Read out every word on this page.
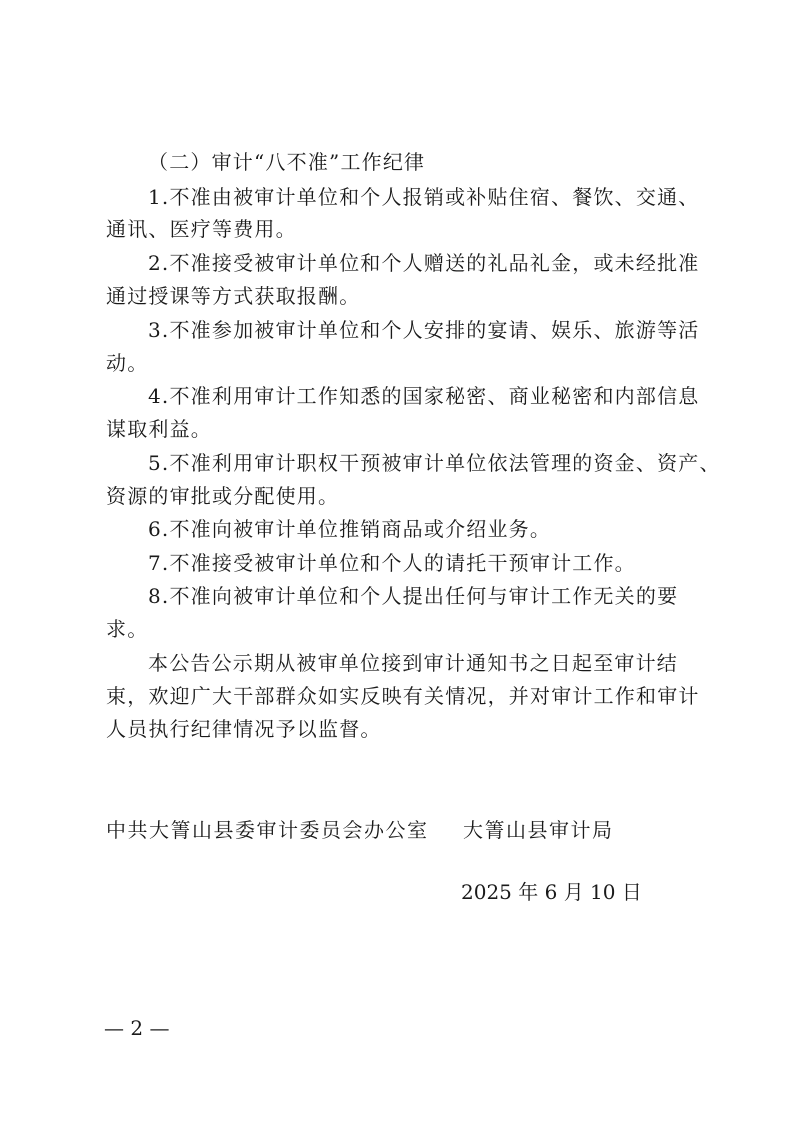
（二）审计“八不准”工作纪律
1.不准由被审计单位和个人报销或补贴住宿、餐饮、交通、
通讯、医疗等费用。
2.不准接受被审计单位和个人赠送的礼品礼金，或未经批准
通过授课等方式获取报酬。
3.不准参加被审计单位和个人安排的宴请、娱乐、旅游等活
动。
4.不准利用审计工作知悉的国家秘密、商业秘密和内部信息
谋取利益。
5.不准利用审计职权干预被审计单位依法管理的资金、资产、
资源的审批或分配使用。
6.不准向被审计单位推销商品或介绍业务。
7.不准接受被审计单位和个人的请托干预审计工作。
8.不准向被审计单位和个人提出任何与审计工作无关的要
求。
本公告公示期从被审单位接到审计通知书之日起至审计结
束，欢迎广大干部群众如实反映有关情况，并对审计工作和审计
人员执行纪律情况予以监督。
中共大箐山县委审计委员会办公室 大箐山县审计局
2025 年 6 月 10 日
— 2 —
